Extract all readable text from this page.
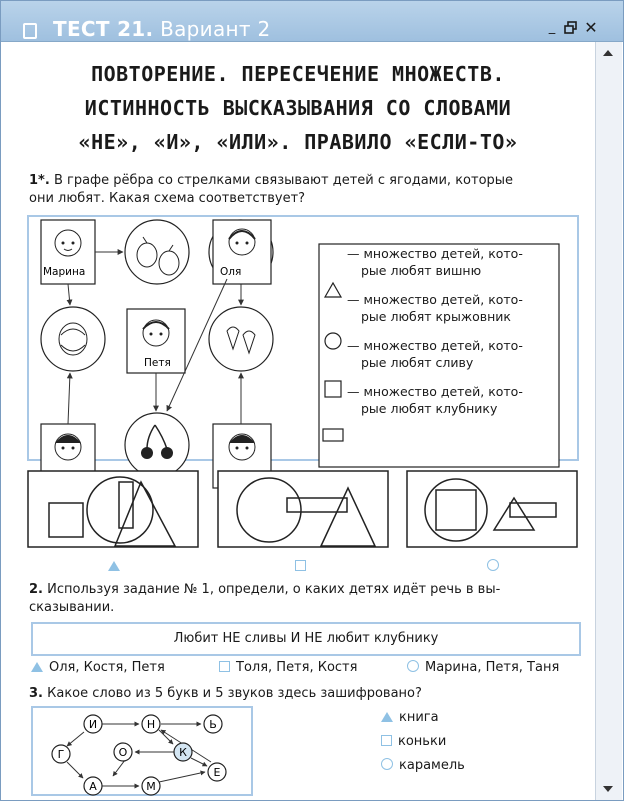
ТЕСТ 21. Вариант 2	_ ✕
ПОВТОРЕНИЕ. ПЕРЕСЕЧЕНИЕ МНОЖЕСТВ.
ИСТИННОСТЬ ВЫСКАЗЫВАНИЯ СО СЛОВАМИ
«НЕ», «И», «ИЛИ». ПРАВИЛО «ЕСЛИ-ТО»
1*. В графе рёбра со стрелками связывают детей с ягодами, которые
они любят. Какая схема соответствует?
Марина	Оля
Петя
— множество детей, кото-
рые любят вишню
— множество детей, кото-
рые любят крыжовник
— множество детей, кото-
рые любят сливу
— множество детей, кото-
рые любят клубнику
2. Используя задание № 1, определи, о каких детях идёт речь в вы-
сказывании.
Любит НЕ сливы И НЕ любит клубнику
Оля, Костя, Петя	Толя, Петя, Костя	Марина, Петя, Таня
3. Какое слово из 5 букв и 5 звуков здесь зашифровано?
И	Н	Ь
Г	О	К
А	М
Е
книга
коньки
карамель
